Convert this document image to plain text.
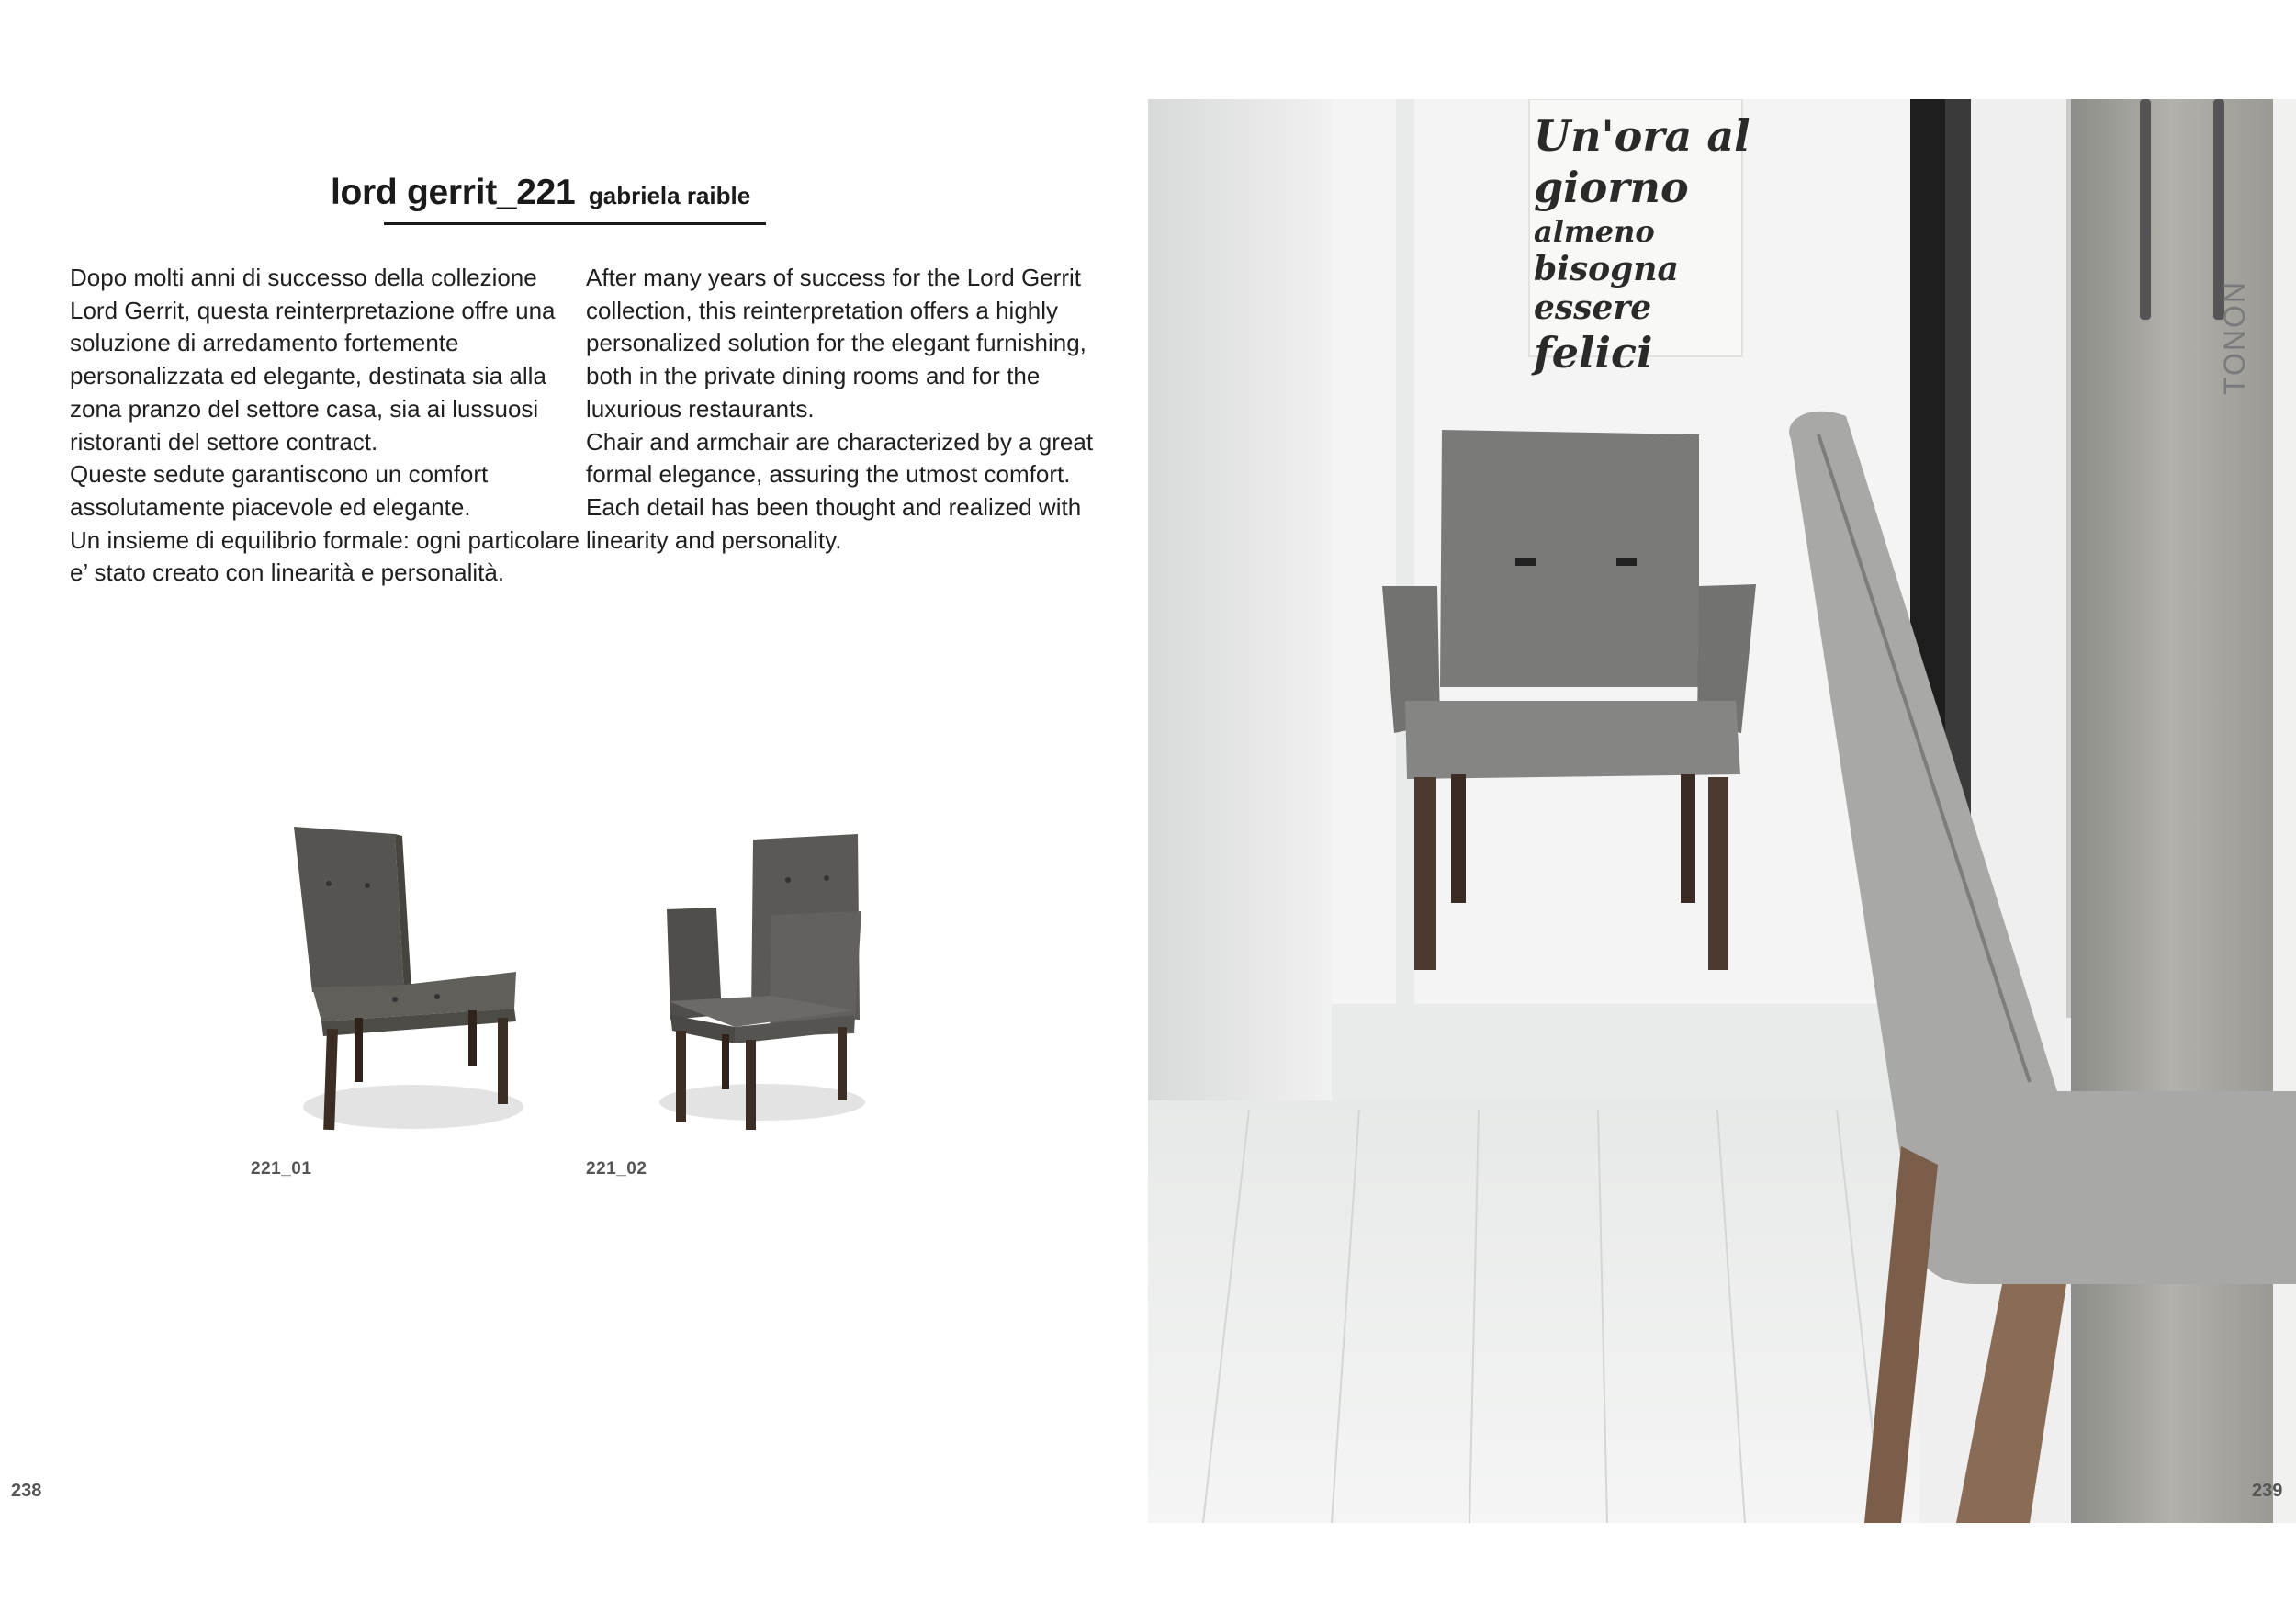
lord gerrit_221 gabriela raible

Dopo molti anni di successo della collezione Lord Gerrit, questa reinterpretazione offre una soluzione di arredamento fortemente personalizzata ed elegante, destinata sia alla zona pranzo del settore casa, sia ai lussuosi ristoranti del settore contract.

Queste sedute garantiscono un comfort assolutamente piacevole ed elegante.

Un insieme di equilibrio formale: ogni particolare e’ stato creato con linearità e personalità.

After many years of success for the Lord Gerrit collection, this reinterpretation offers a highly personalized solution for the elegant furnishing, both in the private dining rooms and for the luxurious restaurants.

Chair and armchair are characterized by a great formal elegance, assuring the utmost comfort.

Each detail has been thought and realized with linearity and personality.

221_01	221_02
238
Un'ora al
giorno
almeno
bisogna
essere
felici	TONON
239
